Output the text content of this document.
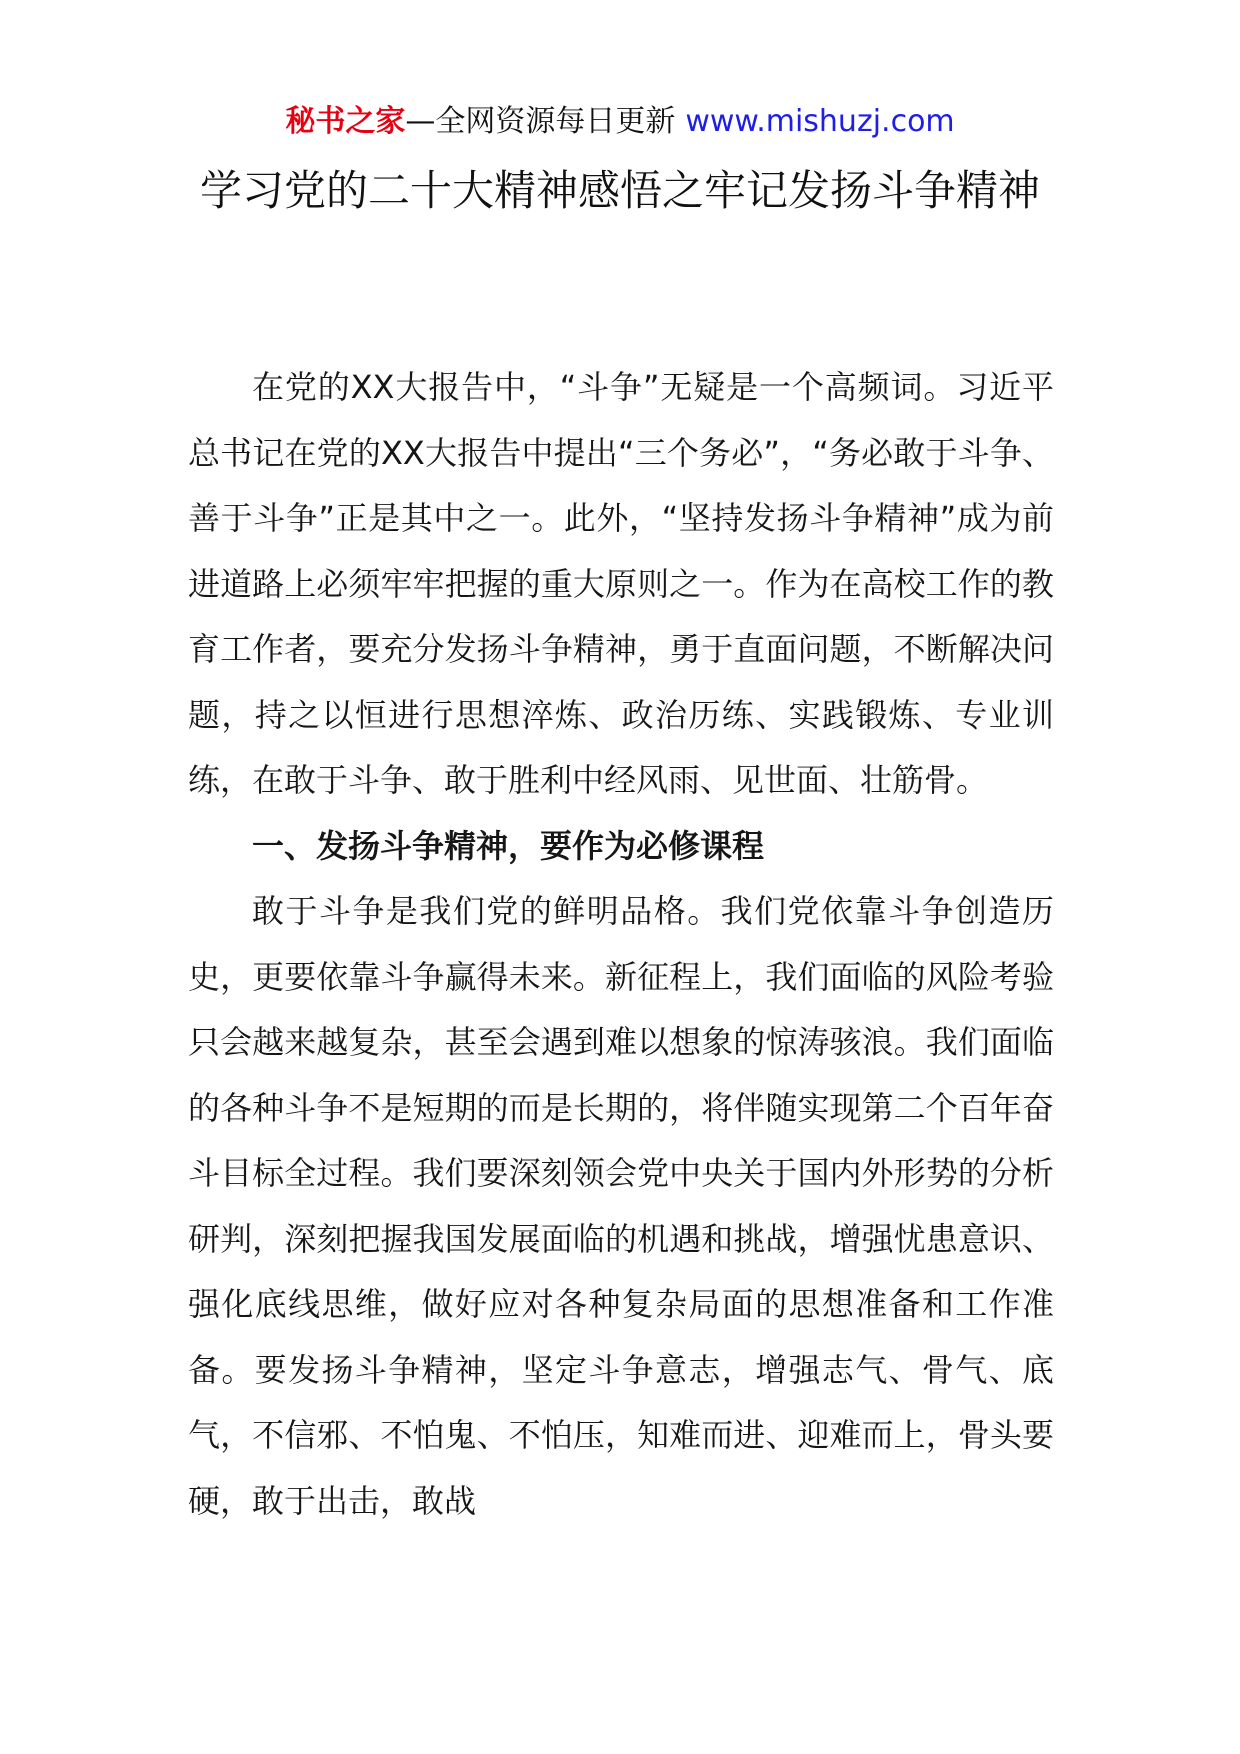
秘书之家—全网资源每日更新 www.mishuzj.com
学习党的二十大精神感悟之牢记发扬斗争精神

在党的XX大报告中，“斗争”无疑是一个高频词。习近平总书记在党的XX大报告中提出“三个务必”，“务必敢于斗争、善于斗争”正是其中之一。此外，“坚持发扬斗争精神”成为前进道路上必须牢牢把握的重大原则之一。作为在高校工作的教育工作者，要充分发扬斗争精神，勇于直面问题，不断解决问题，持之以恒进行思想淬炼、政治历练、实践锻炼、专业训练，在敢于斗争、敢于胜利中经风雨、见世面、壮筋骨。

一、发扬斗争精神，要作为必修课程

敢于斗争是我们党的鲜明品格。我们党依靠斗争创造历史，更要依靠斗争赢得未来。新征程上，我们面临的风险考验只会越来越复杂，甚至会遇到难以想象的惊涛骇浪。我们面临的各种斗争不是短期的而是长期的，将伴随实现第二个百年奋斗目标全过程。我们要深刻领会党中央关于国内外形势的分析研判，深刻把握我国发展面临的机遇和挑战，增强忧患意识、强化底线思维，做好应对各种复杂局面的思想准备和工作准备。要发扬斗争精神，坚定斗争意志，增强志气、骨气、底气，不信邪、不怕鬼、不怕压，知难而进、迎难而上，骨头要硬，敢于出击，敢战
